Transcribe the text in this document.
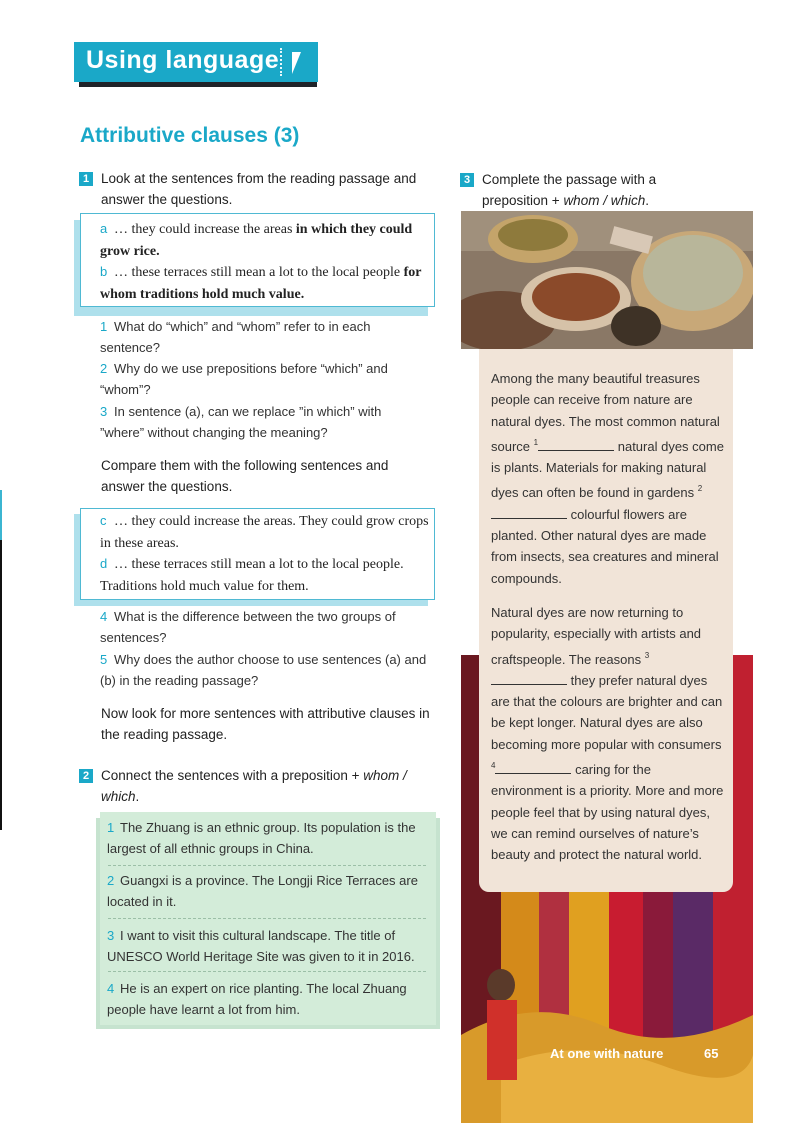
Using language
Attributive clauses (3)
1 Look at the sentences from the reading passage and answer the questions.
a … they could increase the areas in which they could grow rice.
b … these terraces still mean a lot to the local people for whom traditions hold much value.
1 What do “which” and “whom” refer to in each sentence?
2 Why do we use prepositions before “which” and “whom”?
3 In sentence (a), can we replace ”in which” with ”where” without changing the meaning?
Compare them with the following sentences and answer the questions.
c … they could increase the areas. They could grow crops in these areas.
d … these terraces still mean a lot to the local people. Traditions hold much value for them.
4 What is the difference between the two groups of sentences?
5 Why does the author choose to use sentences (a) and (b) in the reading passage?
Now look for more sentences with attributive clauses in the reading passage.
2 Connect the sentences with a preposition + whom / which.
1 The Zhuang is an ethnic group. Its population is the largest of all ethnic groups in China.
2 Guangxi is a province. The Longji Rice Terraces are located in it.
3 I want to visit this cultural landscape. The title of UNESCO World Heritage Site was given to it in 2016.
4 He is an expert on rice planting. The local Zhuang people have learnt a lot from him.
3 Complete the passage with a preposition + whom / which.
Among the many beautiful treasures people can receive from nature are natural dyes. The most common natural source $^1$	natural dyes come is plants. Materials for making natural dyes can often be found in gardens $^2$ colourful flowers are planted. Other natural dyes are made from insects, sea creatures and mineral compounds.
Natural dyes are now returning to popularity, especially with artists and craftspeople. The reasons $^3$ they prefer natural dyes are that the colours are brighter and can be kept longer. Natural dyes are also becoming more popular with consumers $^4$	caring for the environment is a priority. More and more people feel that by using natural dyes, we can remind ourselves of nature’s beauty and protect the natural world.
At one with nature	65
